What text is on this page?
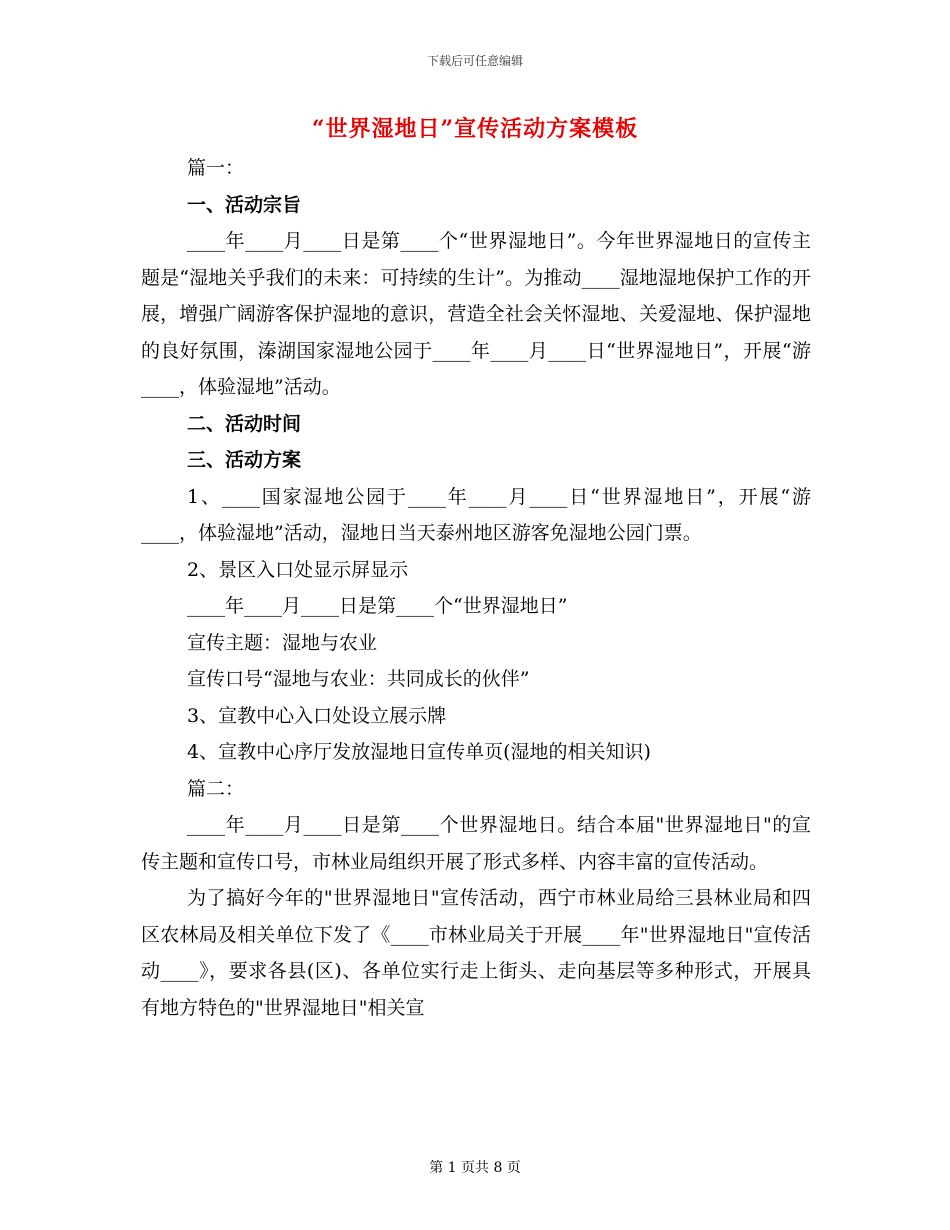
下载后可任意编辑
“世界湿地日”宣传活动方案模板

篇一：

一、活动宗旨

____年____月____日是第____个“世界湿地日”。今年世界湿地日的宣传主题是“湿地关乎我们的未来：可持续的生计”。为推动____湿地湿地保护工作的开展，增强广阔游客保护湿地的意识，营造全社会关怀湿地、关爱湿地、保护湿地的良好氛围，溱湖国家湿地公园于____年____月____日“世界湿地日”，开展“游____，体验湿地”活动。

二、活动时间

三、活动方案

1、____国家湿地公园于____年____月____日“世界湿地日”，开展“游____，体验湿地”活动，湿地日当天泰州地区游客免湿地公园门票。

2、景区入口处显示屏显示

____年____月____日是第____个“世界湿地日”

宣传主题：湿地与农业

宣传口号“湿地与农业：共同成长的伙伴”

3、宣教中心入口处设立展示牌

4、宣教中心序厅发放湿地日宣传单页(湿地的相关知识)

篇二：

____年____月____日是第____个世界湿地日。结合本届"世界湿地日"的宣传主题和宣传口号，市林业局组织开展了形式多样、内容丰富的宣传活动。

为了搞好今年的"世界湿地日"宣传活动，西宁市林业局给三县林业局和四区农林局及相关单位下发了《____市林业局关于开展____年"世界湿地日"宣传活动____》，要求各县(区)、各单位实行走上街头、走向基层等多种形式，开展具有地方特色的"世界湿地日"相关宣

第 1 页共 8 页
